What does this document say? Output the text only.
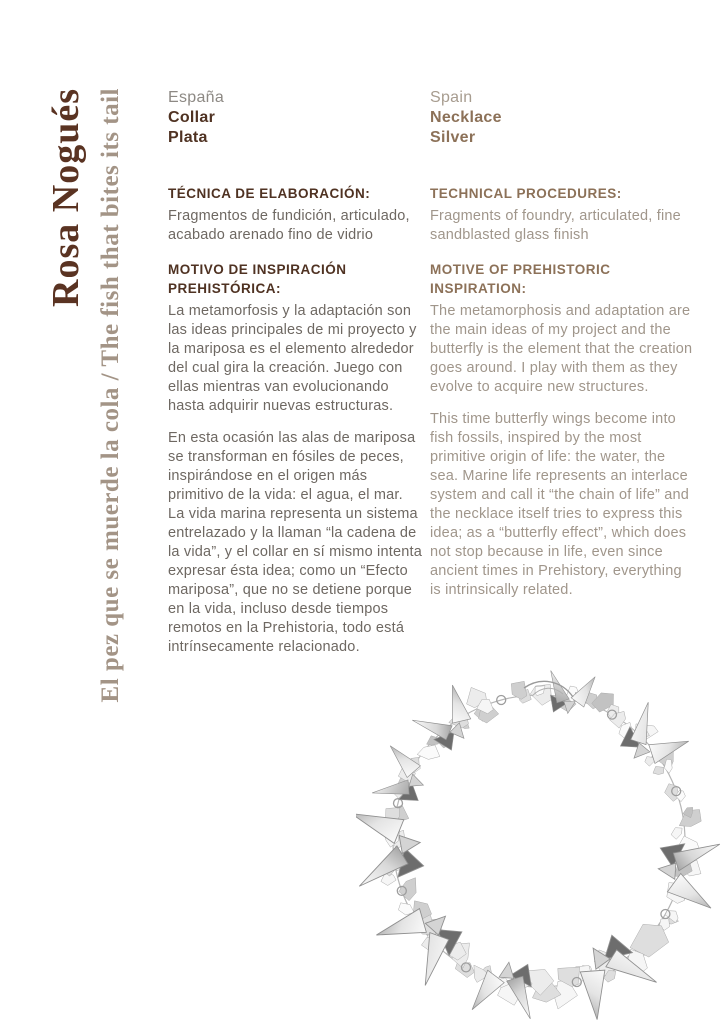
Rosa Nogués El pez que se muerde la cola / The fish that bites its tail	España
Collar
Plata
TÉCNICA DE ELABORACIÓN:

Fragmentos de fundición, articulado, acabado arenado fino de vidrio

MOTIVO DE INSPIRACIÓN PREHISTÓRICA:

La metamorfosis y la adaptación son las ideas principales de mi proyecto y la mariposa es el elemento alrededor del cual gira la creación. Juego con ellas mientras van evolucionando hasta adquirir nuevas estructuras.

En esta ocasión las alas de mariposa se transforman en fósiles de peces, inspirándose en el origen más primitivo de la vida: el agua, el mar. La vida marina representa un sistema entrelazado y la llaman “la cadena de la vida”, y el collar en sí mismo intenta expresar ésta idea; como un “Efecto mariposa”, que no se detiene porque en la vida, incluso desde tiempos remotos en la Prehistoria, todo está intrínsecamente relacionado.

Spain
Necklace
Silver
TECHNICAL PROCEDURES:

Fragments of foundry, articulated, fine sandblasted glass finish

MOTIVE OF PREHISTORIC INSPIRATION:

The metamorphosis and adaptation are the main ideas of my project and the butterfly is the element that the creation goes around. I play with them as they evolve to acquire new structures.

This time butterfly wings become into fish fossils, inspired by the most primitive origin of life: the water, the sea. Marine life represents an interlace system and call it “the chain of life” and the necklace itself tries to express this idea; as a “butterfly effect”, which does not stop because in life, even since ancient times in Prehistory, everything is intrinsically related.
